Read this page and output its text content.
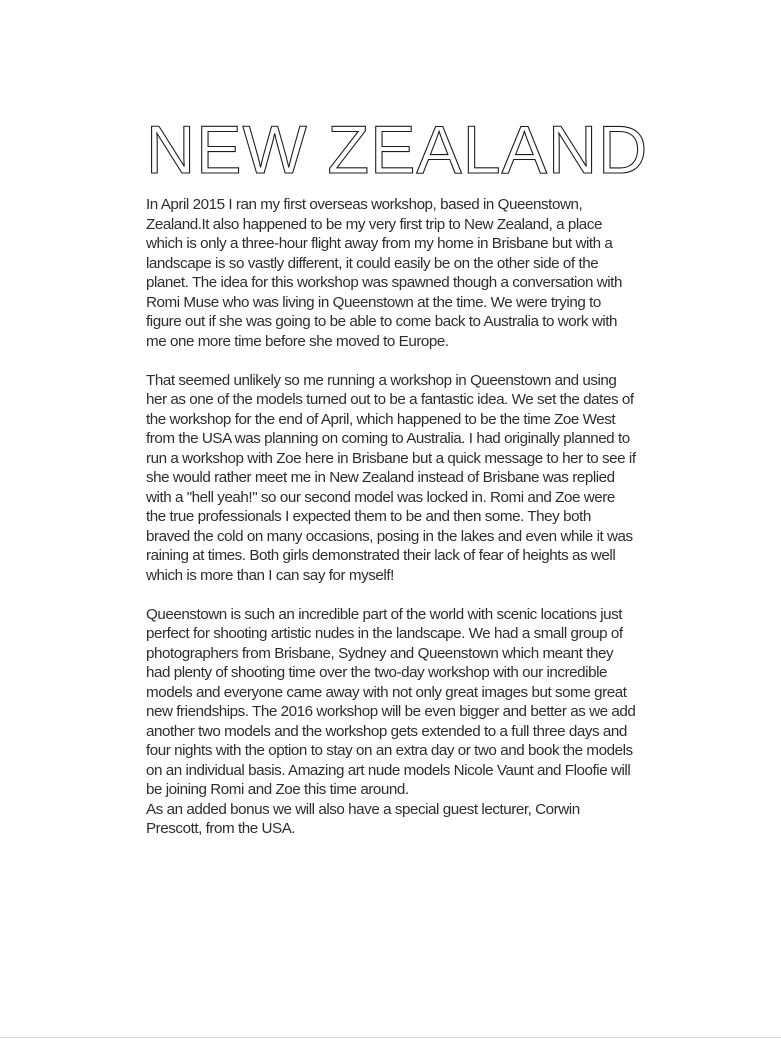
NEW ZEALAND

In April 2015 I ran my first overseas workshop, based in Queenstown, Zealand.It also happened to be my very first trip to New Zealand, a place which is only a three-hour flight away from my home in Brisbane but with a landscape is so vastly different, it could easily be on the other side of the planet. The idea for this workshop was spawned though a conversation with Romi Muse who was living in Queenstown at the time. We were trying to figure out if she was going to be able to come back to Australia to work with me one more time before she moved to Europe.

That seemed unlikely so me running a workshop in Queenstown and using her as one of the models turned out to be a fantastic idea. We set the dates of the workshop for the end of April, which happened to be the time Zoe West from the USA was planning on coming to Australia. I had originally planned to run a workshop with Zoe here in Brisbane but a quick message to her to see if she would rather meet me in New Zealand instead of Brisbane was replied with a "hell yeah!" so our second model was locked in. Romi and Zoe were the true professionals I expected them to be and then some. They both braved the cold on many occasions, posing in the lakes and even while it was raining at times. Both girls demonstrated their lack of fear of heights as well which is more than I can say for myself!

Queenstown is such an incredible part of the world with scenic locations just perfect for shooting artistic nudes in the landscape. We had a small group of photographers from Brisbane, Sydney and Queenstown which meant they had plenty of shooting time over the two-day workshop with our incredible models and everyone came away with not only great images but some great new friendships. The 2016 workshop will be even bigger and better as we add another two models and the workshop gets extended to a full three days and four nights with the option to stay on an extra day or two and book the models on an individual basis. Amazing art nude models Nicole Vaunt and Floofie will be joining Romi and Zoe this time around.

As an added bonus we will also have a special guest lecturer, Corwin Prescott, from the USA.
